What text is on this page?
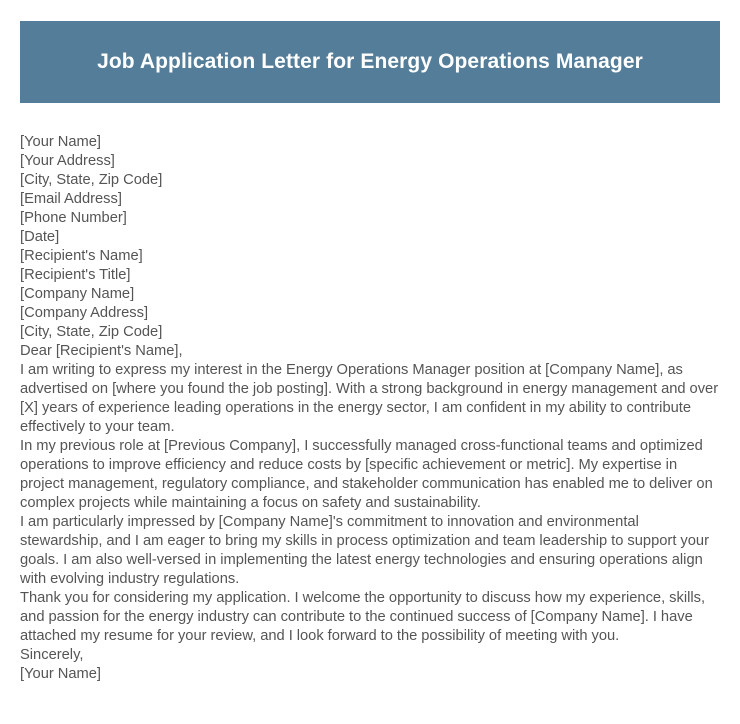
Job Application Letter for Energy Operations Manager
[Your Name]
[Your Address]
[City, State, Zip Code]
[Email Address]
[Phone Number]
[Date]
[Recipient's Name]
[Recipient's Title]
[Company Name]
[Company Address]
[City, State, Zip Code]
Dear [Recipient's Name],

I am writing to express my interest in the Energy Operations Manager position at [Company Name], as advertised on [where you found the job posting]. With a strong background in energy management and over [X] years of experience leading operations in the energy sector, I am confident in my ability to contribute effectively to your team.

In my previous role at [Previous Company], I successfully managed cross-functional teams and optimized operations to improve efficiency and reduce costs by [specific achievement or metric]. My expertise in project management, regulatory compliance, and stakeholder communication has enabled me to deliver on complex projects while maintaining a focus on safety and sustainability.

I am particularly impressed by [Company Name]'s commitment to innovation and environmental stewardship, and I am eager to bring my skills in process optimization and team leadership to support your goals. I am also well-versed in implementing the latest energy technologies and ensuring operations align with evolving industry regulations.

Thank you for considering my application. I welcome the opportunity to discuss how my experience, skills, and passion for the energy industry can contribute to the continued success of [Company Name]. I have attached my resume for your review, and I look forward to the possibility of meeting with you.

Sincerely,
[Your Name]
